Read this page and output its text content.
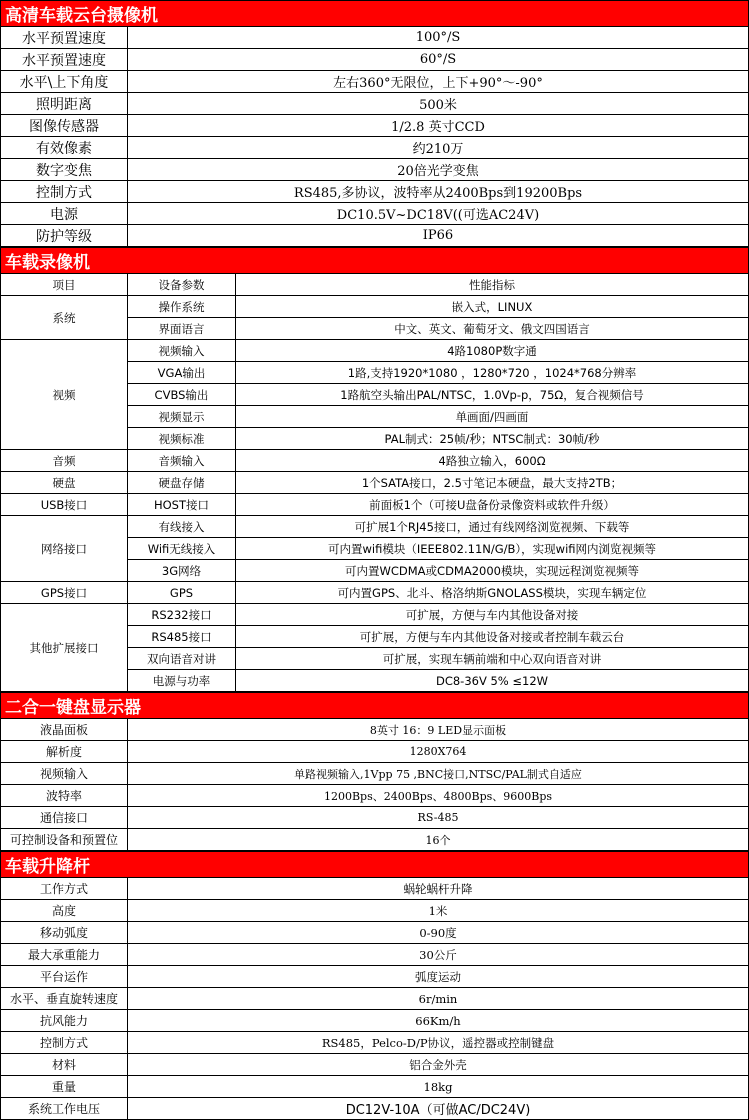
高清车载云台摄像机	
水平预置速度	100°/S
水平预置速度	60°/S
水平\上下角度	左右360°无限位，上下+90°～-90°
照明距离	500米
图像传感器	1/2.8 英寸CCD
有效像素	约210万
数字变焦	20倍光学变焦
控制方式	RS485,多协议，波特率从2400Bps到19200Bps
电源	DC10.5V~DC18V((可选AC24V)
防护等级	IP66
车载录像机		
项目	设备参数	性能指标
系统	操作系统	嵌入式，LINUX
	界面语言	中文、英文、葡萄牙文、俄文四国语言
视频	视频输入	4路1080P数字通
	VGA输出	1路,支持1920*1080 ，1280*720 ，1024*768分辨率
	CVBS输出	1路航空头输出PAL/NTSC，1.0Vp-p，75Ω，复合视频信号
	视频显示	单画面/四画面
	视频标准	PAL制式：25帧/秒；NTSC制式：30帧/秒
音频	音频输入	4路独立输入，600Ω
硬盘	硬盘存储	1个SATA接口，2.5寸笔记本硬盘，最大支持2TB；
USB接口	HOST接口	前面板1个（可接U盘备份录像资料或软件升级）
网络接口	有线接入	可扩展1个RJ45接口，通过有线网络浏览视频、下载等
	Wifi无线接入	可内置wifi模块（IEEE802.11N/G/B），实现wifi网内浏览视频等
	3G网络	可内置WCDMA或CDMA2000模块，实现远程浏览视频等
GPS接口	GPS	可内置GPS、北斗、格洛纳斯GNOLASS模块，实现车辆定位
其他扩展接口	RS232接口	可扩展，方便与车内其他设备对接
	RS485接口	可扩展，方便与车内其他设备对接或者控制车载云台
	双向语音对讲	可扩展，实现车辆前端和中心双向语音对讲
	电源与功率	DC8-36V 5% ≤12W
二合一键盘显示器	
液晶面板	8英寸 16：9 LED显示面板
解析度	1280X764
视频输入	单路视频输入,1Vpp 75 ,BNC接口,NTSC/PAL制式自适应
波特率	1200Bps、2400Bps、4800Bps、9600Bps
通信接口	RS-485
可控制设备和预置位	16个
车载升降杆	
工作方式	蜗轮蜗杆升降
高度	1米
移动弧度	0-90度
最大承重能力	30公斤
平台运作	弧度运动
水平、垂直旋转速度	6r/min
抗风能力	66Km/h
控制方式	RS485，Pelco-D/P协议，遥控器或控制键盘
材料	铝合金外壳
重量	18kg
系统工作电压	DC12V-10A（可做AC/DC24V)
